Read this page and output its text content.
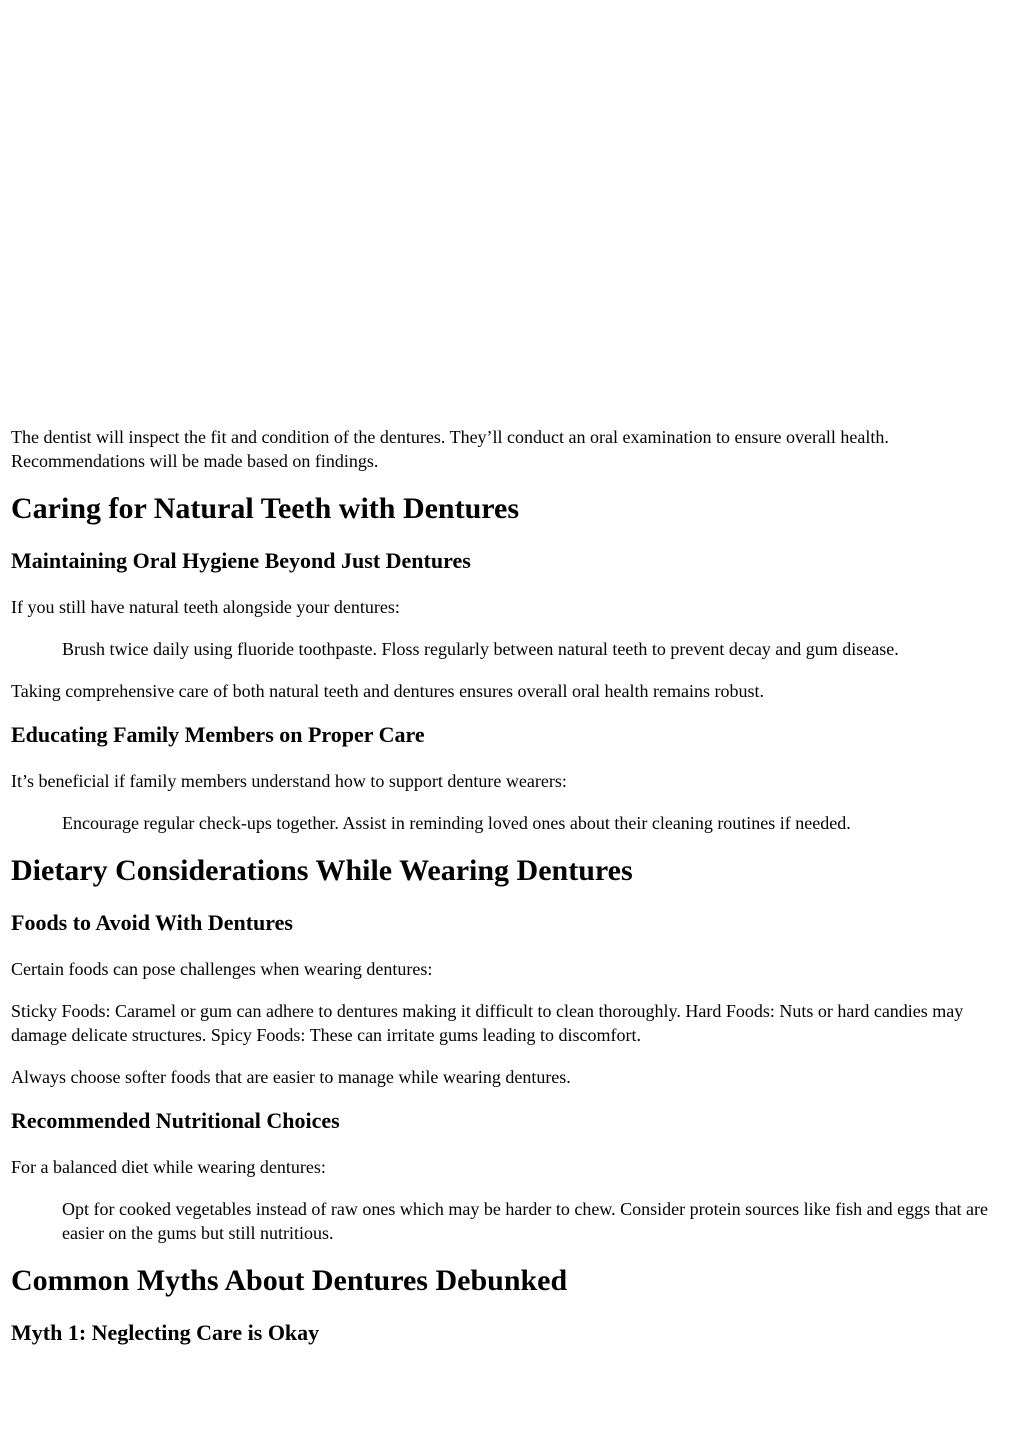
The dentist will inspect the fit and condition of the dentures. They’ll conduct an oral examination to ensure overall health. Recommendations will be made based on findings.

Caring for Natural Teeth with Dentures
Maintaining Oral Hygiene Beyond Just Dentures

If you still have natural teeth alongside your dentures:

Brush twice daily using fluoride toothpaste. Floss regularly between natural teeth to prevent decay and gum disease.

Taking comprehensive care of both natural teeth and dentures ensures overall oral health remains robust.

Educating Family Members on Proper Care

It’s beneficial if family members understand how to support denture wearers:

Encourage regular check-ups together. Assist in reminding loved ones about their cleaning routines if needed.
Dietary Considerations While Wearing Dentures
Foods to Avoid With Dentures

Certain foods can pose challenges when wearing dentures:

Sticky Foods: Caramel or gum can adhere to dentures making it difficult to clean thoroughly. Hard Foods: Nuts or hard candies may damage delicate structures. Spicy Foods: These can irritate gums leading to discomfort.

Always choose softer foods that are easier to manage while wearing dentures.

Recommended Nutritional Choices

For a balanced diet while wearing dentures:

Opt for cooked vegetables instead of raw ones which may be harder to chew. Consider protein sources like fish and eggs that are easier on the gums but still nutritious.
Common Myths About Dentures Debunked
Myth 1: Neglecting Care is Okay
